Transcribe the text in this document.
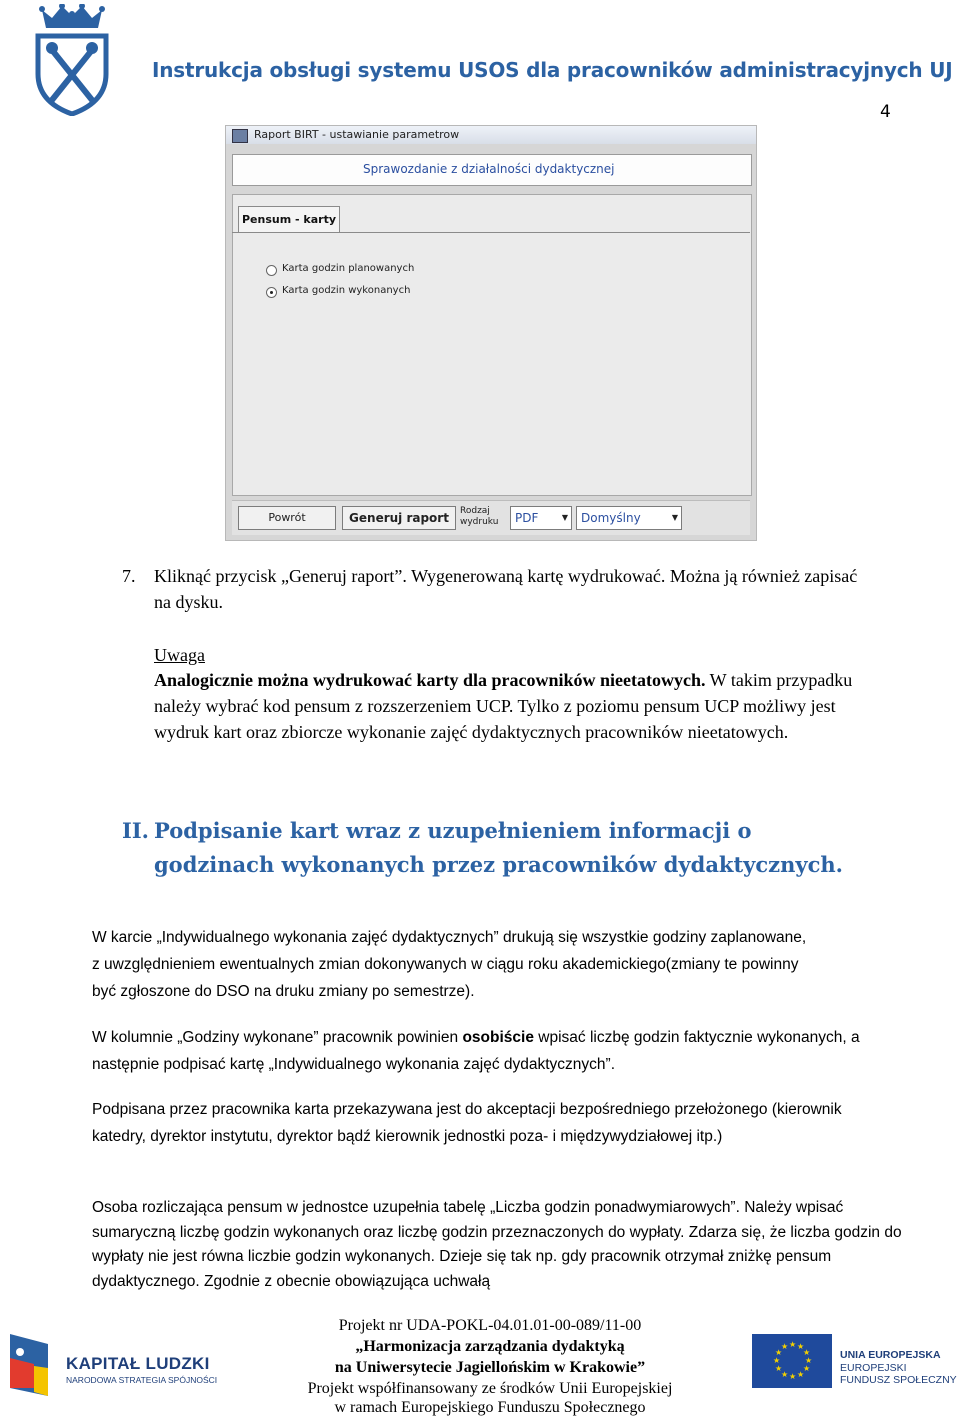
Instrukcja obsługi systemu USOS dla pracowników administracyjnych UJ
4
Raport BIRT - ustawianie parametrow
Sprawozdanie z działalności dydaktycznej
Pensum - karty
Karta godzin planowanych
Karta godzin wykonanych
Powrót	Generuj raport	Rodzaj wydruku	PDF	▼	Domyślny	▼
7. Kliknąć przycisk „Generuj raport”. Wygenerowaną kartę wydrukować. Można ją również zapisać na dysku.
Uwaga
Analogicznie można wydrukować karty dla pracowników nieetatowych. W takim przypadku należy wybrać kod pensum z rozszerzeniem UCP. Tylko z poziomu pensum UCP możliwy jest wydruk kart oraz zbiorcze wykonanie zajęć dydaktycznych pracowników nieetatowych.
II. Podpisanie kart wraz z uzupełnieniem informacji o godzinach wykonanych przez pracowników dydaktycznych.
W karcie „Indywidualnego wykonania zajęć dydaktycznych” drukują się wszystkie godziny zaplanowane, z uwzględnieniem ewentualnych zmian dokonywanych w ciągu roku akademickiego(zmiany te powinny być zgłoszone do DSO na druku zmiany po semestrze).
W kolumnie „Godziny wykonane” pracownik powinien osobiście wpisać liczbę godzin faktycznie wykonanych, a następnie podpisać kartę „Indywidualnego wykonania zajęć dydaktycznych”.
Podpisana przez pracownika karta przekazywana jest do akceptacji bezpośredniego przełożonego (kierownik katedry, dyrektor instytutu, dyrektor bądź kierownik jednostki poza- i międzywydziałowej itp.)
Osoba rozliczająca pensum w jednostce uzupełnia tabelę „Liczba godzin ponadwymiarowych”. Należy wpisać sumaryczną liczbę godzin wykonanych oraz liczbę godzin przeznaczonych do wypłaty. Zdarza się, że liczba godzin do wypłaty nie jest równa liczbie godzin wykonanych. Dzieje się tak np. gdy pracownik otrzymał zniżkę pensum dydaktycznego. Zgodnie z obecnie obowiązująca uchwałą
KAPITAŁ LUDZKI
NARODOWA STRATEGIA SPÓJNOŚCI
Projekt nr UDA-POKL-04.01.01-00-089/11-00
„Harmonizacja zarządzania dydaktyką
na Uniwersytecie Jagiellońskim w Krakowie”
Projekt współfinansowany ze środków Unii Europejskiej
w ramach Europejskiego Funduszu Społecznego
★ ★
★
★
★
★
★
★
★
★
★
★
UNIA EUROPEJSKA
EUROPEJSKI
FUNDUSZ SPOŁECZNY
